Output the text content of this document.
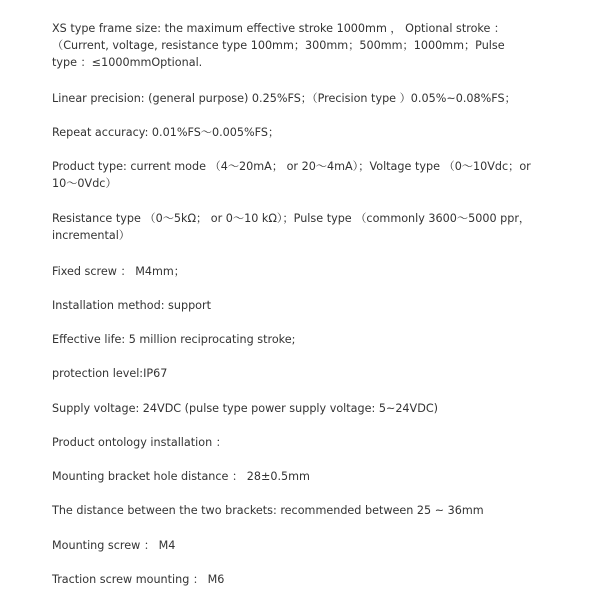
XS type frame size: the maximum effective stroke 1000mm ， Optional stroke ：（Current, voltage, resistance type 100mm；300mm；500mm；1000mm；Pulse type ：≤1000mmOptional.

Linear precision: (general purpose) 0.25%FS；（Precision type ）0.05%~0.08%FS；

Repeat accuracy: 0.01%FS～0.005%FS；

Product type: current mode （4～20mA； or 20～4mA）；Voltage type （0～10Vdc；or 10～0Vdc）

Resistance type （0～5kΩ； or 0～10 kΩ）；Pulse type （commonly 3600～5000 ppr， incremental）

Fixed screw ： M4mm；

Installation method: support

Effective life: 5 million reciprocating stroke;

protection level:IP67

Supply voltage: 24VDC (pulse type power supply voltage: 5~24VDC)

Product ontology installation ：

Mounting bracket hole distance ： 28±0.5mm

The distance between the two brackets: recommended between 25 ~ 36mm

Mounting screw ： M4

Traction screw mounting ： M6
